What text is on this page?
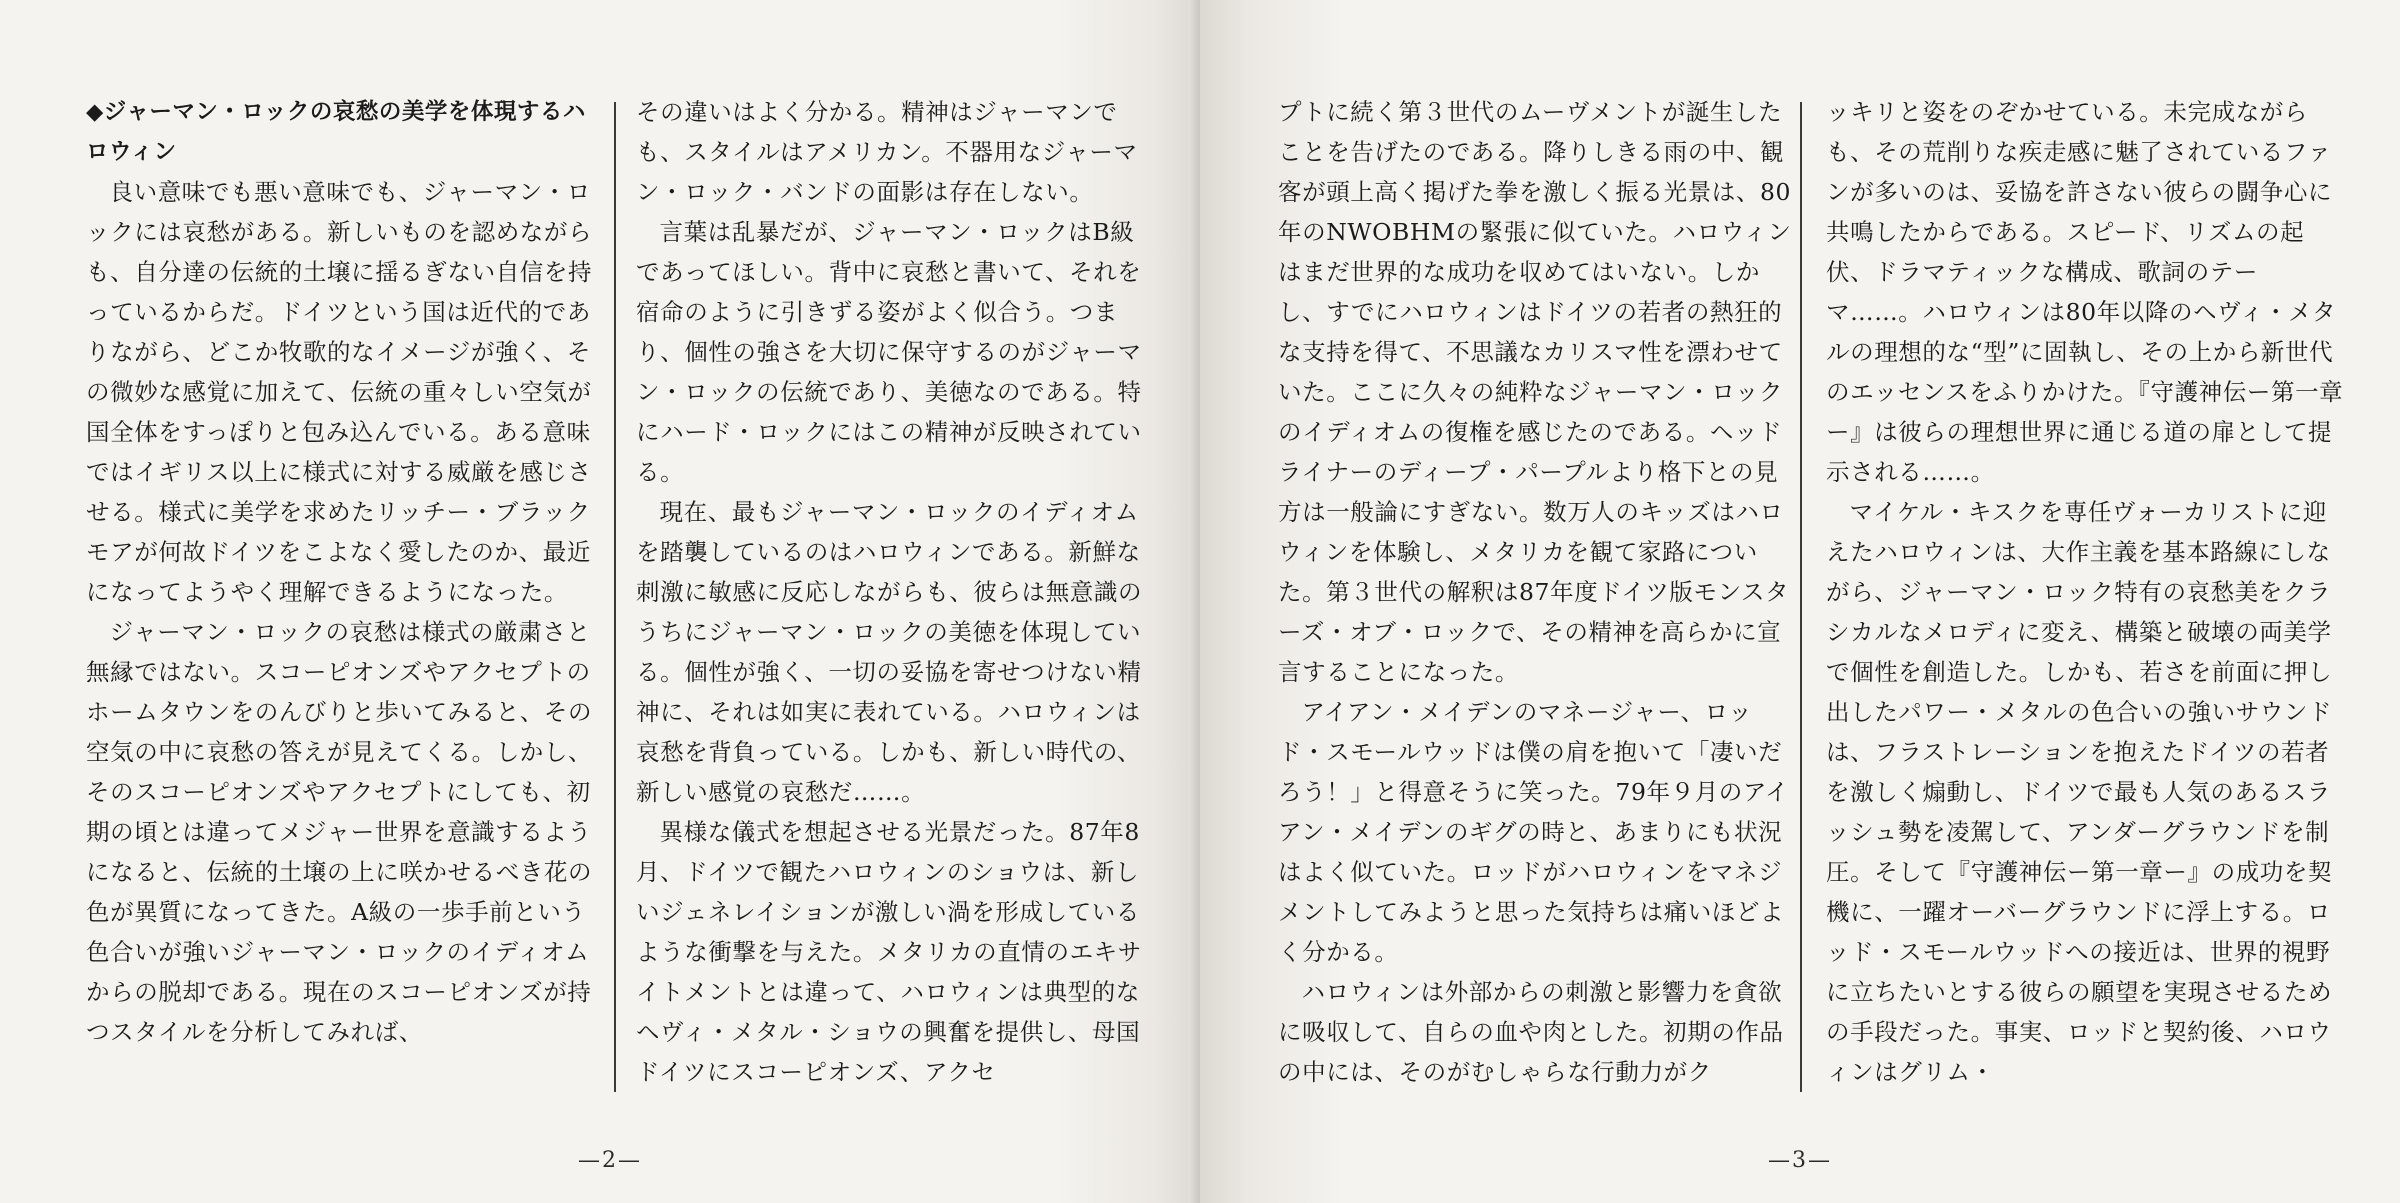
◆ジャーマン・ロックの哀愁の美学を体現するハロウィン

良い意味でも悪い意味でも、ジャーマン・ロックには哀愁がある。新しいものを認めながらも、自分達の伝統的土壌に揺るぎない自信を持っているからだ。ドイツという国は近代的でありながら、どこか牧歌的なイメージが強く、その微妙な感覚に加えて、伝統の重々しい空気が国全体をすっぽりと包み込んでいる。ある意味ではイギリス以上に様式に対する威厳を感じさせる。様式に美学を求めたリッチー・ブラックモアが何故ドイツをこよなく愛したのか、最近になってようやく理解できるようになった。

ジャーマン・ロックの哀愁は様式の厳粛さと無縁ではない。スコーピオンズやアクセプトのホームタウンをのんびりと歩いてみると、その空気の中に哀愁の答えが見えてくる。しかし、そのスコーピオンズやアクセプトにしても、初期の頃とは違ってメジャー世界を意識するようになると、伝統的土壌の上に咲かせるべき花の色が異質になってきた。A級の一歩手前という色合いが強いジャーマン・ロックのイディオムからの脱却である。現在のスコーピオンズが持つスタイルを分析してみれば、

その違いはよく分かる。精神はジャーマンでも、スタイルはアメリカン。不器用なジャーマン・ロック・バンドの面影は存在しない。

言葉は乱暴だが、ジャーマン・ロックはB級であってほしい。背中に哀愁と書いて、それを宿命のように引きずる姿がよく似合う。つまり、個性の強さを大切に保守するのがジャーマン・ロックの伝統であり、美徳なのである。特にハード・ロックにはこの精神が反映されている。

現在、最もジャーマン・ロックのイディオムを踏襲しているのはハロウィンである。新鮮な刺激に敏感に反応しながらも、彼らは無意識のうちにジャーマン・ロックの美徳を体現している。個性が強く、一切の妥協を寄せつけない精神に、それは如実に表れている。ハロウィンは哀愁を背負っている。しかも、新しい時代の、新しい感覚の哀愁だ……。

異様な儀式を想起させる光景だった。87年8月、ドイツで観たハロウィンのショウは、新しいジェネレイションが激しい渦を形成しているような衝撃を与えた。メタリカの直情のエキサイトメントとは違って、ハロウィンは典型的なヘヴィ・メタル・ショウの興奮を提供し、母国ドイツにスコーピオンズ、アクセ

—2—

プトに続く第３世代のムーヴメントが誕生したことを告げたのである。降りしきる雨の中、観客が頭上高く掲げた拳を激しく振る光景は、80年のNWOBHMの緊張に似ていた。ハロウィンはまだ世界的な成功を収めてはいない。しかし、すでにハロウィンはドイツの若者の熱狂的な支持を得て、不思議なカリスマ性を漂わせていた。ここに久々の純粋なジャーマン・ロックのイディオムの復権を感じたのである。ヘッドライナーのディープ・パープルより格下との見方は一般論にすぎない。数万人のキッズはハロウィンを体験し、メタリカを観て家路についた。第３世代の解釈は87年度ドイツ版モンスターズ・オブ・ロックで、その精神を高らかに宣言することになった。

アイアン・メイデンのマネージャー、ロッド・スモールウッドは僕の肩を抱いて「凄いだろう！」と得意そうに笑った。79年９月のアイアン・メイデンのギグの時と、あまりにも状況はよく似ていた。ロッドがハロウィンをマネジメントしてみようと思った気持ちは痛いほどよく分かる。

ハロウィンは外部からの刺激と影響力を貪欲に吸収して、自らの血や肉とした。初期の作品の中には、そのがむしゃらな行動力がク

ッキリと姿をのぞかせている。未完成ながらも、その荒削りな疾走感に魅了されているファンが多いのは、妥協を許さない彼らの闘争心に共鳴したからである。スピード、リズムの起伏、ドラマティックな構成、歌詞のテーマ……。ハロウィンは80年以降のヘヴィ・メタルの理想的な“型”に固執し、その上から新世代のエッセンスをふりかけた。『守護神伝ー第一章ー』は彼らの理想世界に通じる道の扉として提示される……。

マイケル・キスクを専任ヴォーカリストに迎えたハロウィンは、大作主義を基本路線にしながら、ジャーマン・ロック特有の哀愁美をクラシカルなメロディに変え、構築と破壊の両美学で個性を創造した。しかも、若さを前面に押し出したパワー・メタルの色合いの強いサウンドは、フラストレーションを抱えたドイツの若者を激しく煽動し、ドイツで最も人気のあるスラッシュ勢を凌駕して、アンダーグラウンドを制圧。そして『守護神伝ー第一章ー』の成功を契機に、一躍オーバーグラウンドに浮上する。ロッド・スモールウッドへの接近は、世界的視野に立ちたいとする彼らの願望を実現させるための手段だった。事実、ロッドと契約後、ハロウィンはグリム・

—3—
